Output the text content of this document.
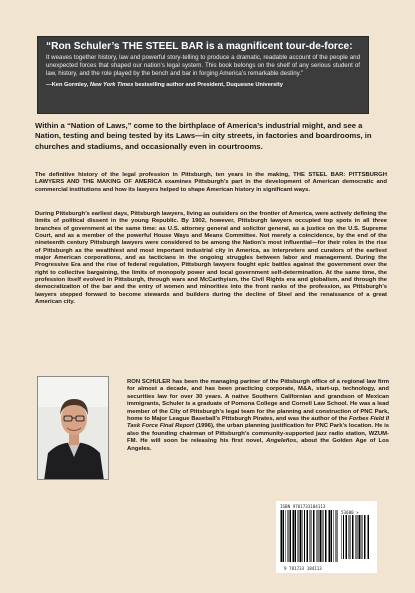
“Ron Schuler’s THE STEEL BAR is a magnificent tour-de-force:

It weaves together history, law and powerful story-telling to produce a dramatic, readable account of the people and unexpected forces that shaped our nation’s legal system. This book belongs on the shelf of any serious student of law, history, and the role played by the bench and bar in forging America’s remarkable destiny.”

—Ken Gormley, New York Times bestselling author and President, Duquesne University

Within a “Nation of Laws,” come to the birthplace of America’s industrial might, and see a Nation, testing and being tested by its Laws—in city streets, in factories and boardrooms, in churches and stadiums, and occasionally even in courtrooms.

The definitive history of the legal profession in Pittsburgh, ten years in the making, THE STEEL BAR: PITTSBURGH LAWYERS AND THE MAKING OF AMERICA examines Pittsburgh’s part in the development of American democratic and commercial institutions and how its lawyers helped to shape American history in significant ways.

During Pittsburgh’s earliest days, Pittsburgh lawyers, living as outsiders on the frontier of America, were actively defining the limits of political dissent in the young Republic. By 1902, however, Pittsburgh lawyers occupied top spots in all three branches of government at the same time: as U.S. attorney general and solicitor general, as a justice on the U.S. Supreme Court, and as a member of the powerful House Ways and Means Committee. Not merely a coincidence, by the end of the nineteenth century Pittsburgh lawyers were considered to be among the Nation’s most influential—for their roles in the rise of Pittsburgh as the wealthiest and most important industrial city in America, as interpreters and curators of the earliest major American corporations, and as tacticians in the ongoing struggles between labor and management. During the Progressive Era and the rise of federal regulation, Pittsburgh lawyers fought epic battles against the government over the right to collective bargaining, the limits of monopoly power and local government self-determination. At the same time, the profession itself evolved in Pittsburgh, through wars and McCarthyism, the Civil Rights era and globalism, and through the democratization of the bar and the entry of women and minorities into the front ranks of the profession, as Pittsburgh’s lawyers stepped forward to become stewards and builders during the decline of Steel and the renaissance of a great American city.

RON SCHULER has been the managing partner of the Pittsburgh office of a regional law firm for almost a decade, and has been practicing corporate, M&A, start-up, technology, and securities law for over 30 years. A native Southern Californian and grandson of Mexican immigrants, Schuler is a graduate of Pomona College and Cornell Law School. He was a lead member of the City of Pittsburgh’s legal team for the planning and construction of PNC Park, home to Major League Baseball’s Pittsburgh Pirates, and was the author of the Forbes Field II Task Force Final Report (1996), the urban planning justification for PNC Park’s location. He is also the founding chairman of Pittsburgh’s community-supported jazz radio station, WZUM-FM. He will soon be releasing his first novel, Angeleños, about the Golden Age of Los Angeles.

ISBN 9781733184113
53600 >
9 781733 184113
